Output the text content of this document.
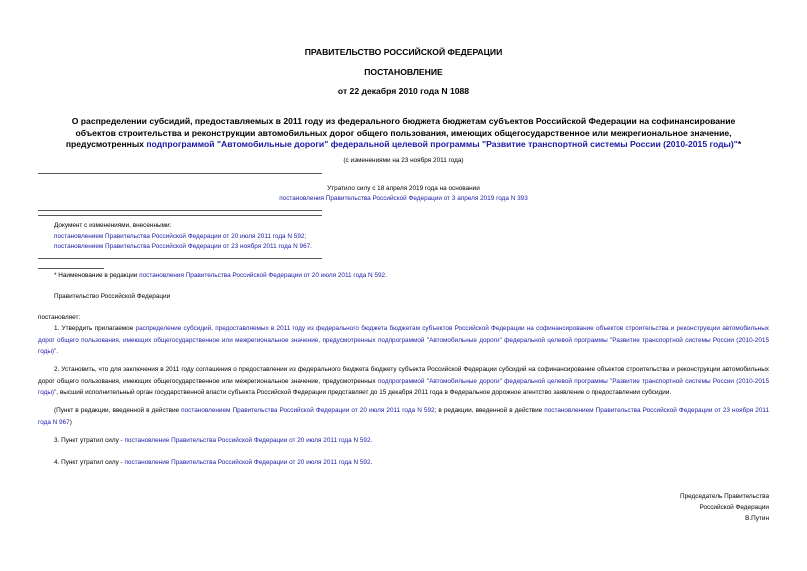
ПРАВИТЕЛЬСТВО РОССИЙСКОЙ ФЕДЕРАЦИИ
ПОСТАНОВЛЕНИЕ
от 22 декабря 2010 года N 1088
О распределении субсидий, предоставляемых в 2011 году из федерального бюджета бюджетам субъектов Российской Федерации на софинансирование
объектов строительства и реконструкции автомобильных дорог общего пользования, имеющих общегосударственное или межрегиональное значение,
предусмотренных подпрограммой "Автомобильные дороги" федеральной целевой программы "Развитие транспортной системы России (2010-2015 годы)"*
(с изменениями на 23 ноября 2011 года)
Утратило силу с 18 апреля 2019 года на основании
постановления Правительства Российской Федерации от 3 апреля 2019 года N 393
Документ с изменениями, внесенными:
постановлением Правительства Российской Федерации от 20 июля 2011 года N 592;
постановлением Правительства Российской Федерации от 23 ноября 2011 года N 967.
* Наименование в редакции постановления Правительства Российской Федерации от 20 июля 2011 года N 592.
Правительство Российской Федерации
постановляет:
1. Утвердить прилагаемое распределение субсидий, предоставляемых в 2011 году из федерального бюджета бюджетам субъектов Российской Федерации на софинансирование объектов строительства и реконструкции автомобильных дорог общего пользования, имеющих общегосударственное или межрегиональное значение, предусмотренных подпрограммой "Автомобильные дороги" федеральной целевой программы "Развитие транспортной системы России (2010-2015 годы)".
2. Установить, что для заключения в 2011 году соглашения о предоставлении из федерального бюджета бюджету субъекта Российской Федерации субсидий на софинансирование объектов строительства и реконструкции автомобильных дорог общего пользования, имеющих общегосударственное или межрегиональное значение, предусмотренных подпрограммой "Автомобильные дороги" федеральной целевой программы "Развитие транспортной системы России (2010-2015 годы)", высший исполнительный орган государственной власти субъекта Российской Федерации представляет до 15 декабря 2011 года в Федеральное дорожное агентство заявление о предоставлении субсидии.
(Пункт в редакции, введенной в действие постановлением Правительства Российской Федерации от 20 июля 2011 года N 592; в редакции, введенной в действие постановлением Правительства Российской Федерации от 23 ноября 2011 года N 967)
3. Пункт утратил силу - постановление Правительства Российской Федерации от 20 июля 2011 года N 592.
4. Пункт утратил силу - постановление Правительства Российской Федерации от 20 июля 2011 года N 592.
Председатель Правительства
Российской Федерации
В.Путин
